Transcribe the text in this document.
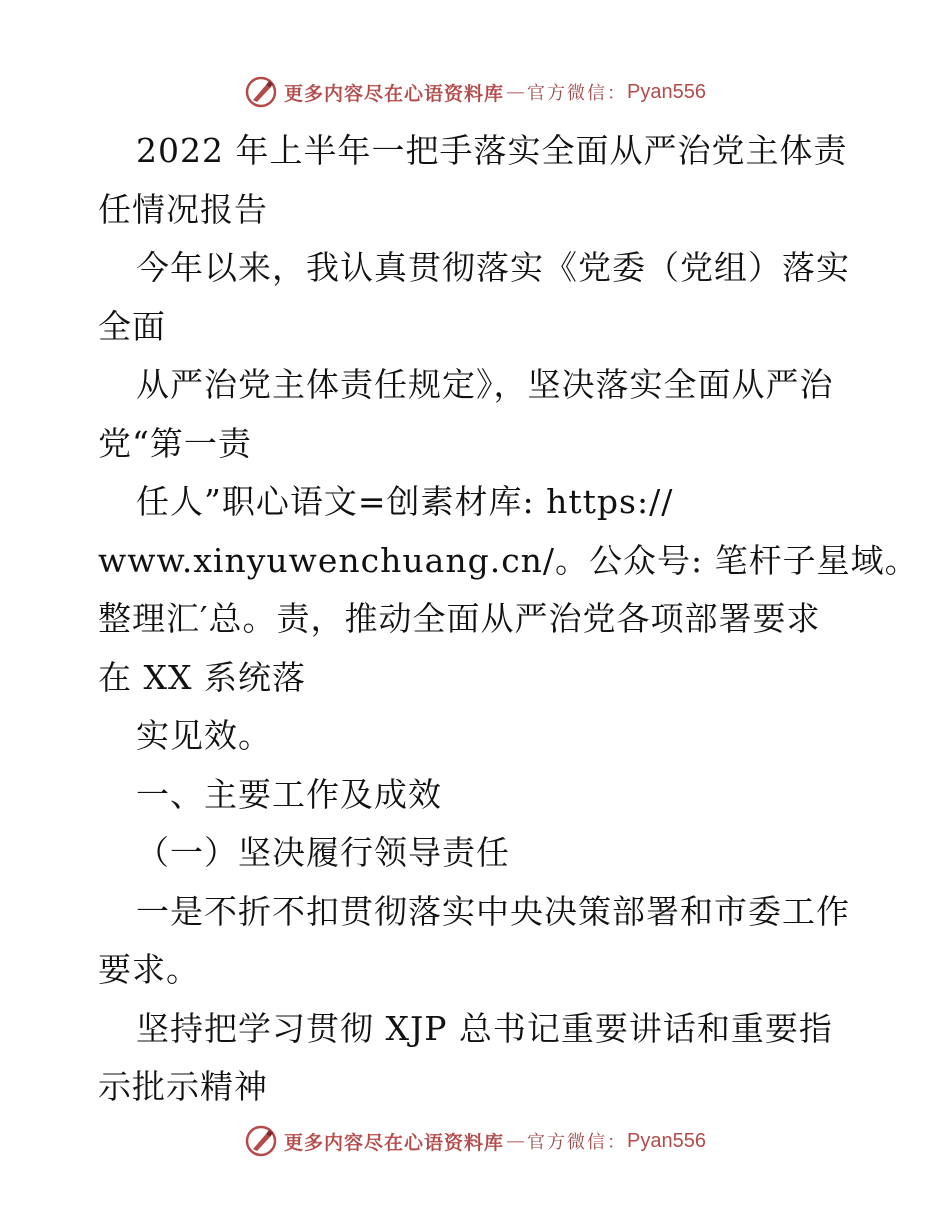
更多内容尽在心语资料库 — 官方微信： Pyan556
2022 年上半年一把手落实全面从严治党主体责
任情况报告
今年以来，我认真贯彻落实《党委（党组）落实
全面
从严治党主体责任规定》，坚决落实全面从严治
党“第一责
任人”职心语文=创素材库: https://
www.xinyuwenchuang.cn/。公众号: 笔杆子星域。
整理汇′总。责，推动全面从严治党各项部署要求
在 XX 系统落
实见效。
一、主要工作及成效
（一）坚决履行领导责任
一是不折不扣贯彻落实中央决策部署和市委工作
要求。
坚持把学习贯彻 XJP 总书记重要讲话和重要指
示批示精神
更多内容尽在心语资料库 — 官方微信： Pyan556
